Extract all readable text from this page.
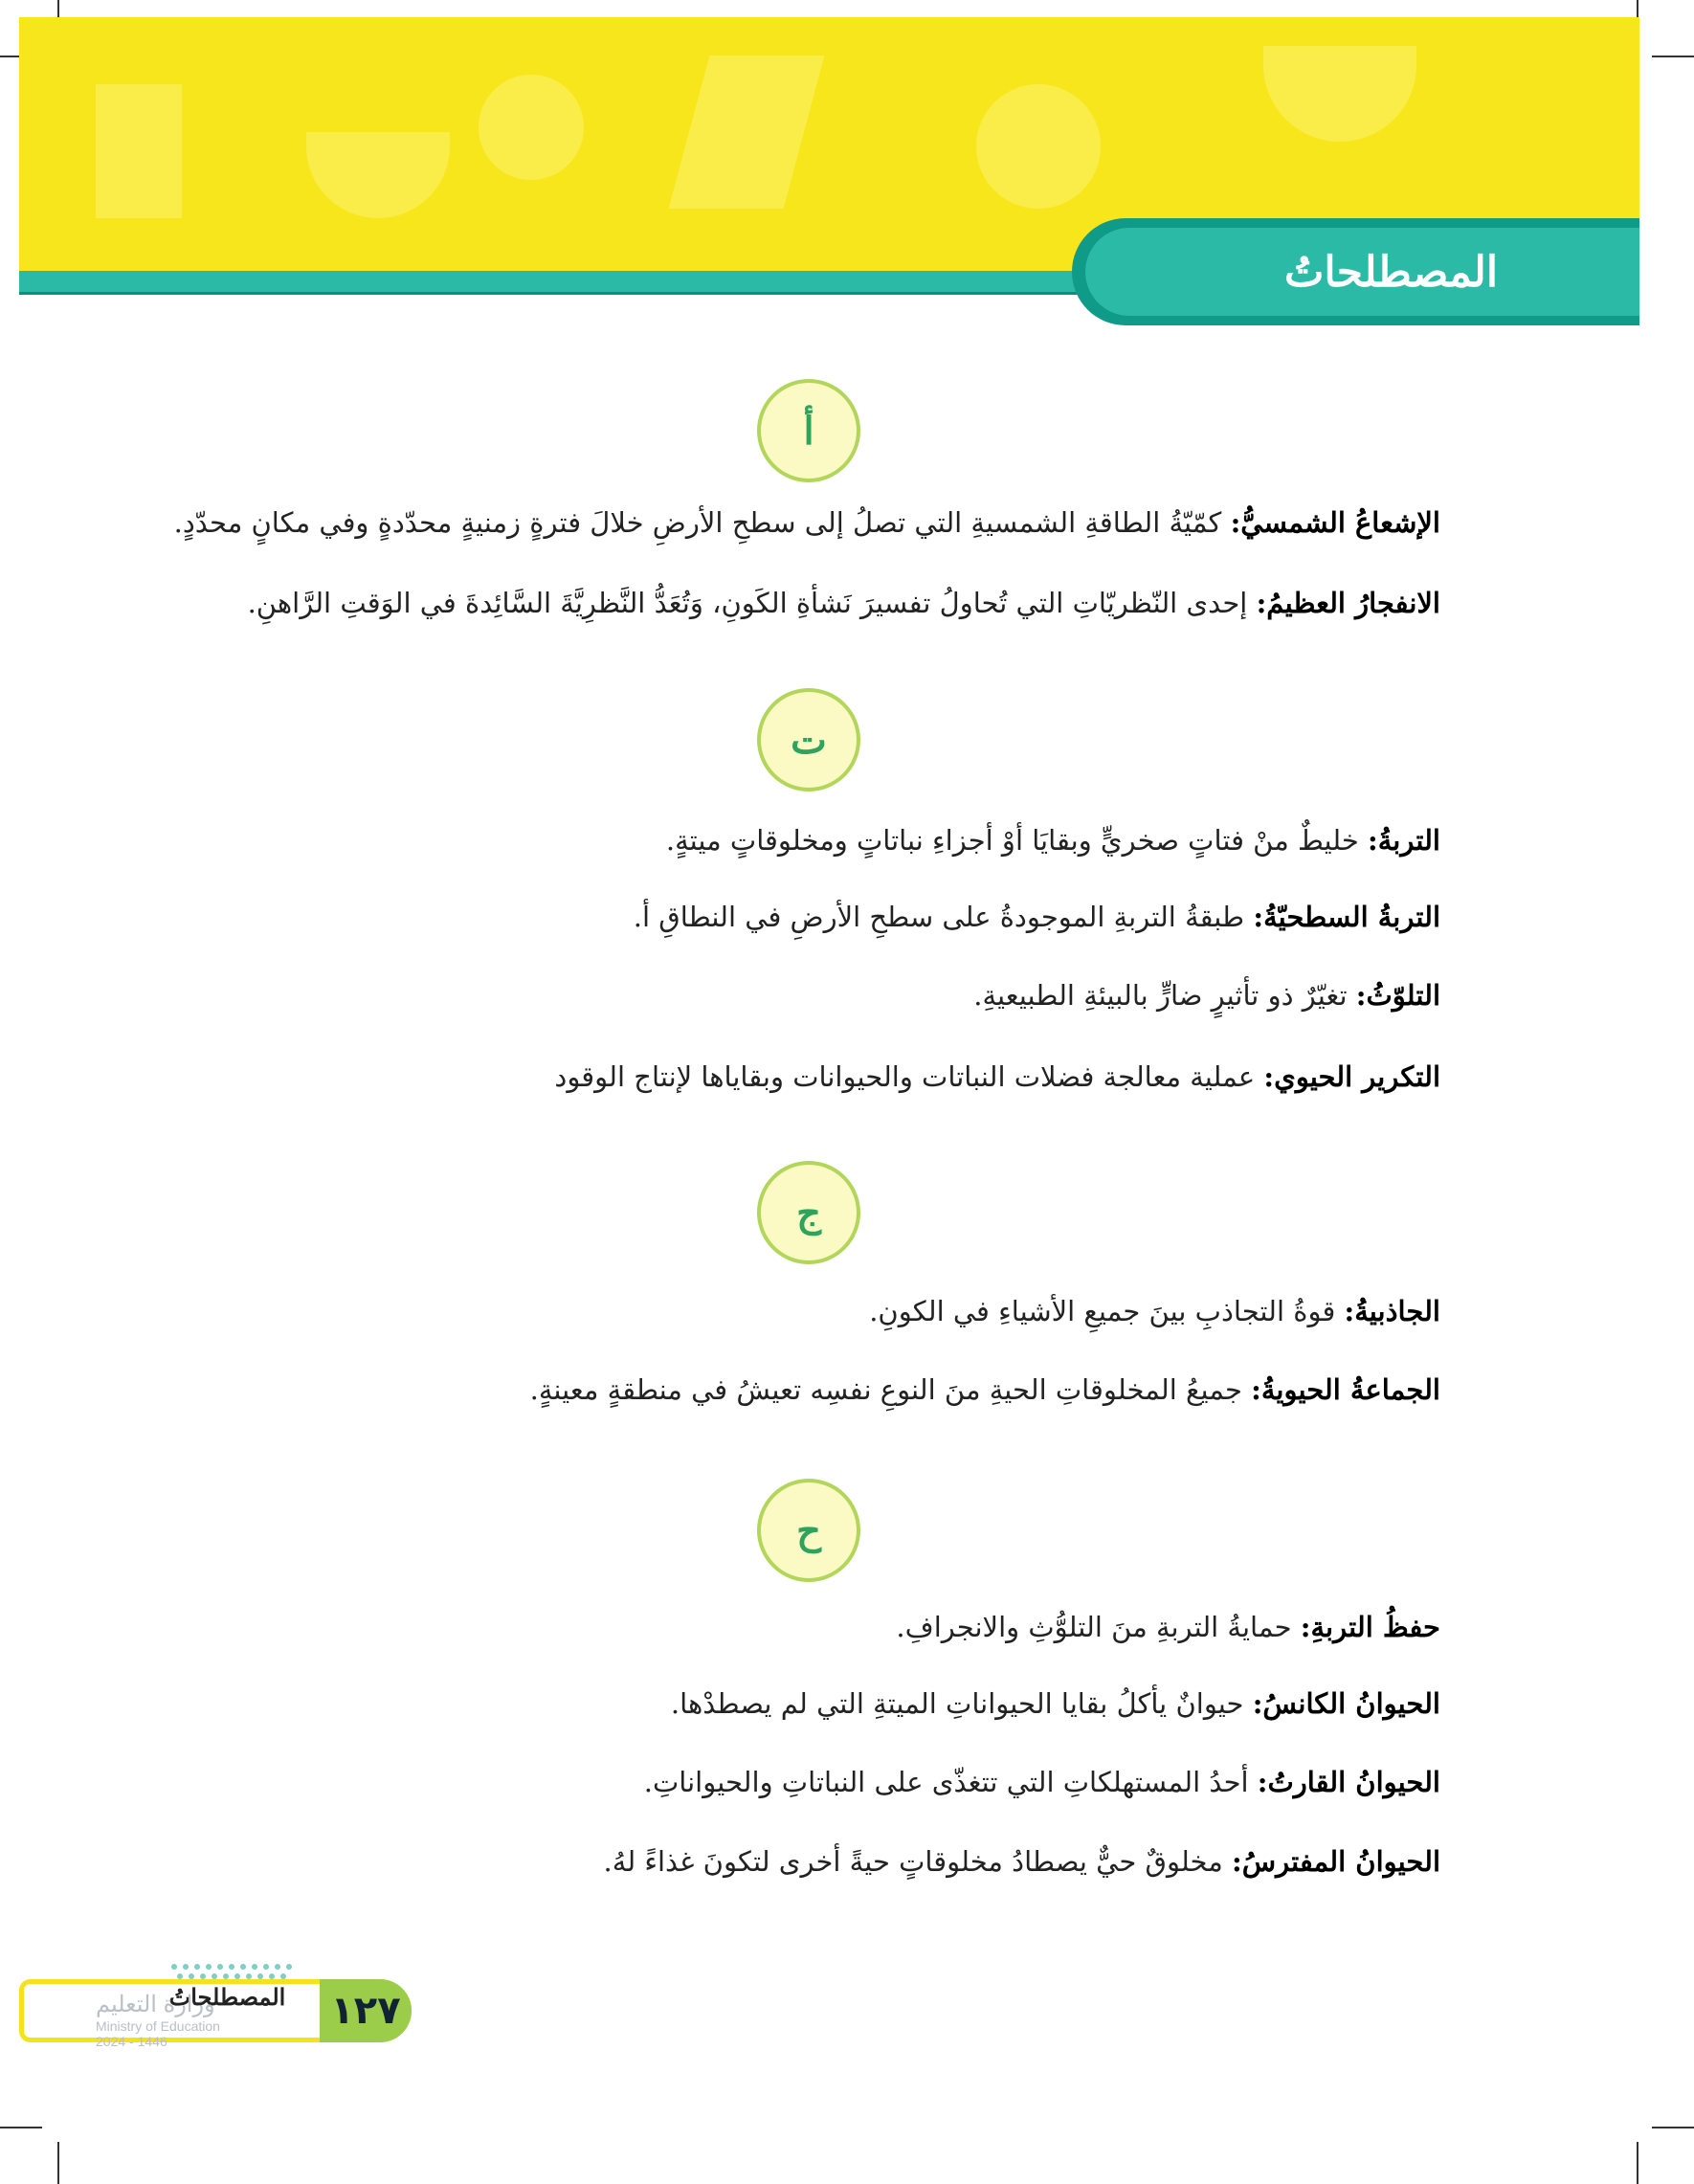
المصطلحاتُ
أ
الإشعاعُ الشمسيُّ: كمّيّةُ الطاقةِ الشمسيةِ التي تصلُ إلى سطحِ الأرضِ خلالَ فترةٍ زمنيةٍ محدّدةٍ وفي مكانٍ محدّدٍ.
الانفجارُ العظيمُ: إحدى النّظريّاتِ التي تُحاولُ تفسيرَ نَشأةِ الكَونِ، وَتُعَدُّ النَّظرِيَّةَ السَّائِدةَ في الوَقتِ الرَّاهنِ.
ت
التربةُ: خليطٌ منْ فتاتٍ صخريٍّ وبقايَا أوْ أجزاءِ نباتاتٍ ومخلوقاتٍ ميتةٍ.
التربةُ السطحيّةُ: طبقةُ التربةِ الموجودةُ على سطحِ الأرضِ في النطاقِ أ.
التلوّثُ: تغيّرٌ ذو تأثيرٍ ضارٍّ بالبيئةِ الطبيعيةِ.
التكرير الحيوي: عملية معالجة فضلات النباتات والحيوانات وبقاياها لإنتاج الوقود
ج
الجاذبيةُ: قوةُ التجاذبِ بينَ جميعِ الأشياءِ في الكونِ.
الجماعةُ الحيويةُ: جميعُ المخلوقاتِ الحيةِ منَ النوعِ نفسِه تعيشُ في منطقةٍ معينةٍ.
ح
حفظُ التربةِ: حمايةُ التربةِ منَ التلوُّثِ والانجرافِ.
الحيوانُ الكانسُ: حيوانٌ يأكلُ بقايا الحيواناتِ الميتةِ التي لم يصطدْها.
الحيوانُ القارتُ: أحدُ المستهلكاتِ التي تتغذّى على النباتاتِ والحيواناتِ.
الحيوانُ المفترسُ: مخلوقٌ حيٌّ يصطادُ مخلوقاتٍ حيةً أخرى لتكونَ غذاءً لهُ.
١٢٧
المصطلحاتُ
وزارة التعليم
Ministry of Education
2024 - 1446
